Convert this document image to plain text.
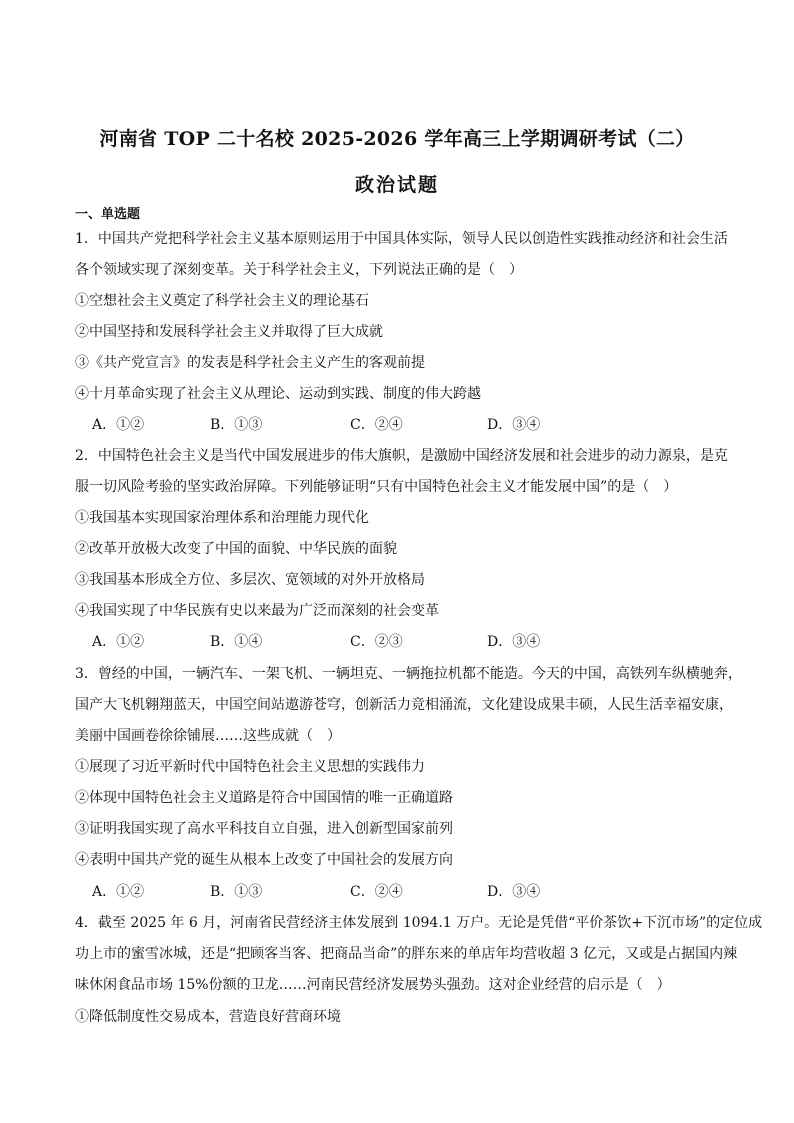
河南省 TOP 二十名校 2025-2026 学年高三上学期调研考试（二）
政治试题
一、单选题
1．中国共产党把科学社会主义基本原则运用于中国具体实际，领导人民以创造性实践推动经济和社会生活
各个领域实现了深刻变革。关于科学社会主义，下列说法正确的是（　）
①空想社会主义奠定了科学社会主义的理论基石
②中国坚持和发展科学社会主义并取得了巨大成就
③《共产党宣言》的发表是科学社会主义产生的客观前提
④十月革命实现了社会主义从理论、运动到实践、制度的伟大跨越
A．①②	B．①③	C．②④	D．③④
2．中国特色社会主义是当代中国发展进步的伟大旗帜，是激励中国经济发展和社会进步的动力源泉，是克
服一切风险考验的坚实政治屏障。下列能够证明“只有中国特色社会主义才能发展中国”的是（　）
①我国基本实现国家治理体系和治理能力现代化
②改革开放极大改变了中国的面貌、中华民族的面貌
③我国基本形成全方位、多层次、宽领域的对外开放格局
④我国实现了中华民族有史以来最为广泛而深刻的社会变革
A．①②	B．①④	C．②③	D．③④
3．曾经的中国，一辆汽车、一架飞机、一辆坦克、一辆拖拉机都不能造。今天的中国，高铁列车纵横驰奔，
国产大飞机翱翔蓝天，中国空间站遨游苍穹，创新活力竞相涌流，文化建设成果丰硕，人民生活幸福安康，
美丽中国画卷徐徐铺展……这些成就（　）
①展现了习近平新时代中国特色社会主义思想的实践伟力
②体现中国特色社会主义道路是符合中国国情的唯一正确道路
③证明我国实现了高水平科技自立自强，进入创新型国家前列
④表明中国共产党的诞生从根本上改变了中国社会的发展方向
A．①②	B．①③	C．②④	D．③④
4．截至 2025 年 6 月，河南省民营经济主体发展到 1094.1 万户。无论是凭借“平价茶饮+下沉市场”的定位成
功上市的蜜雪冰城，还是“把顾客当客、把商品当命”的胖东来的单店年均营收超 3 亿元，又或是占据国内辣
味休闲食品市场 15%份额的卫龙……河南民营经济发展势头强劲。这对企业经营的启示是（　）
①降低制度性交易成本，营造良好营商环境
